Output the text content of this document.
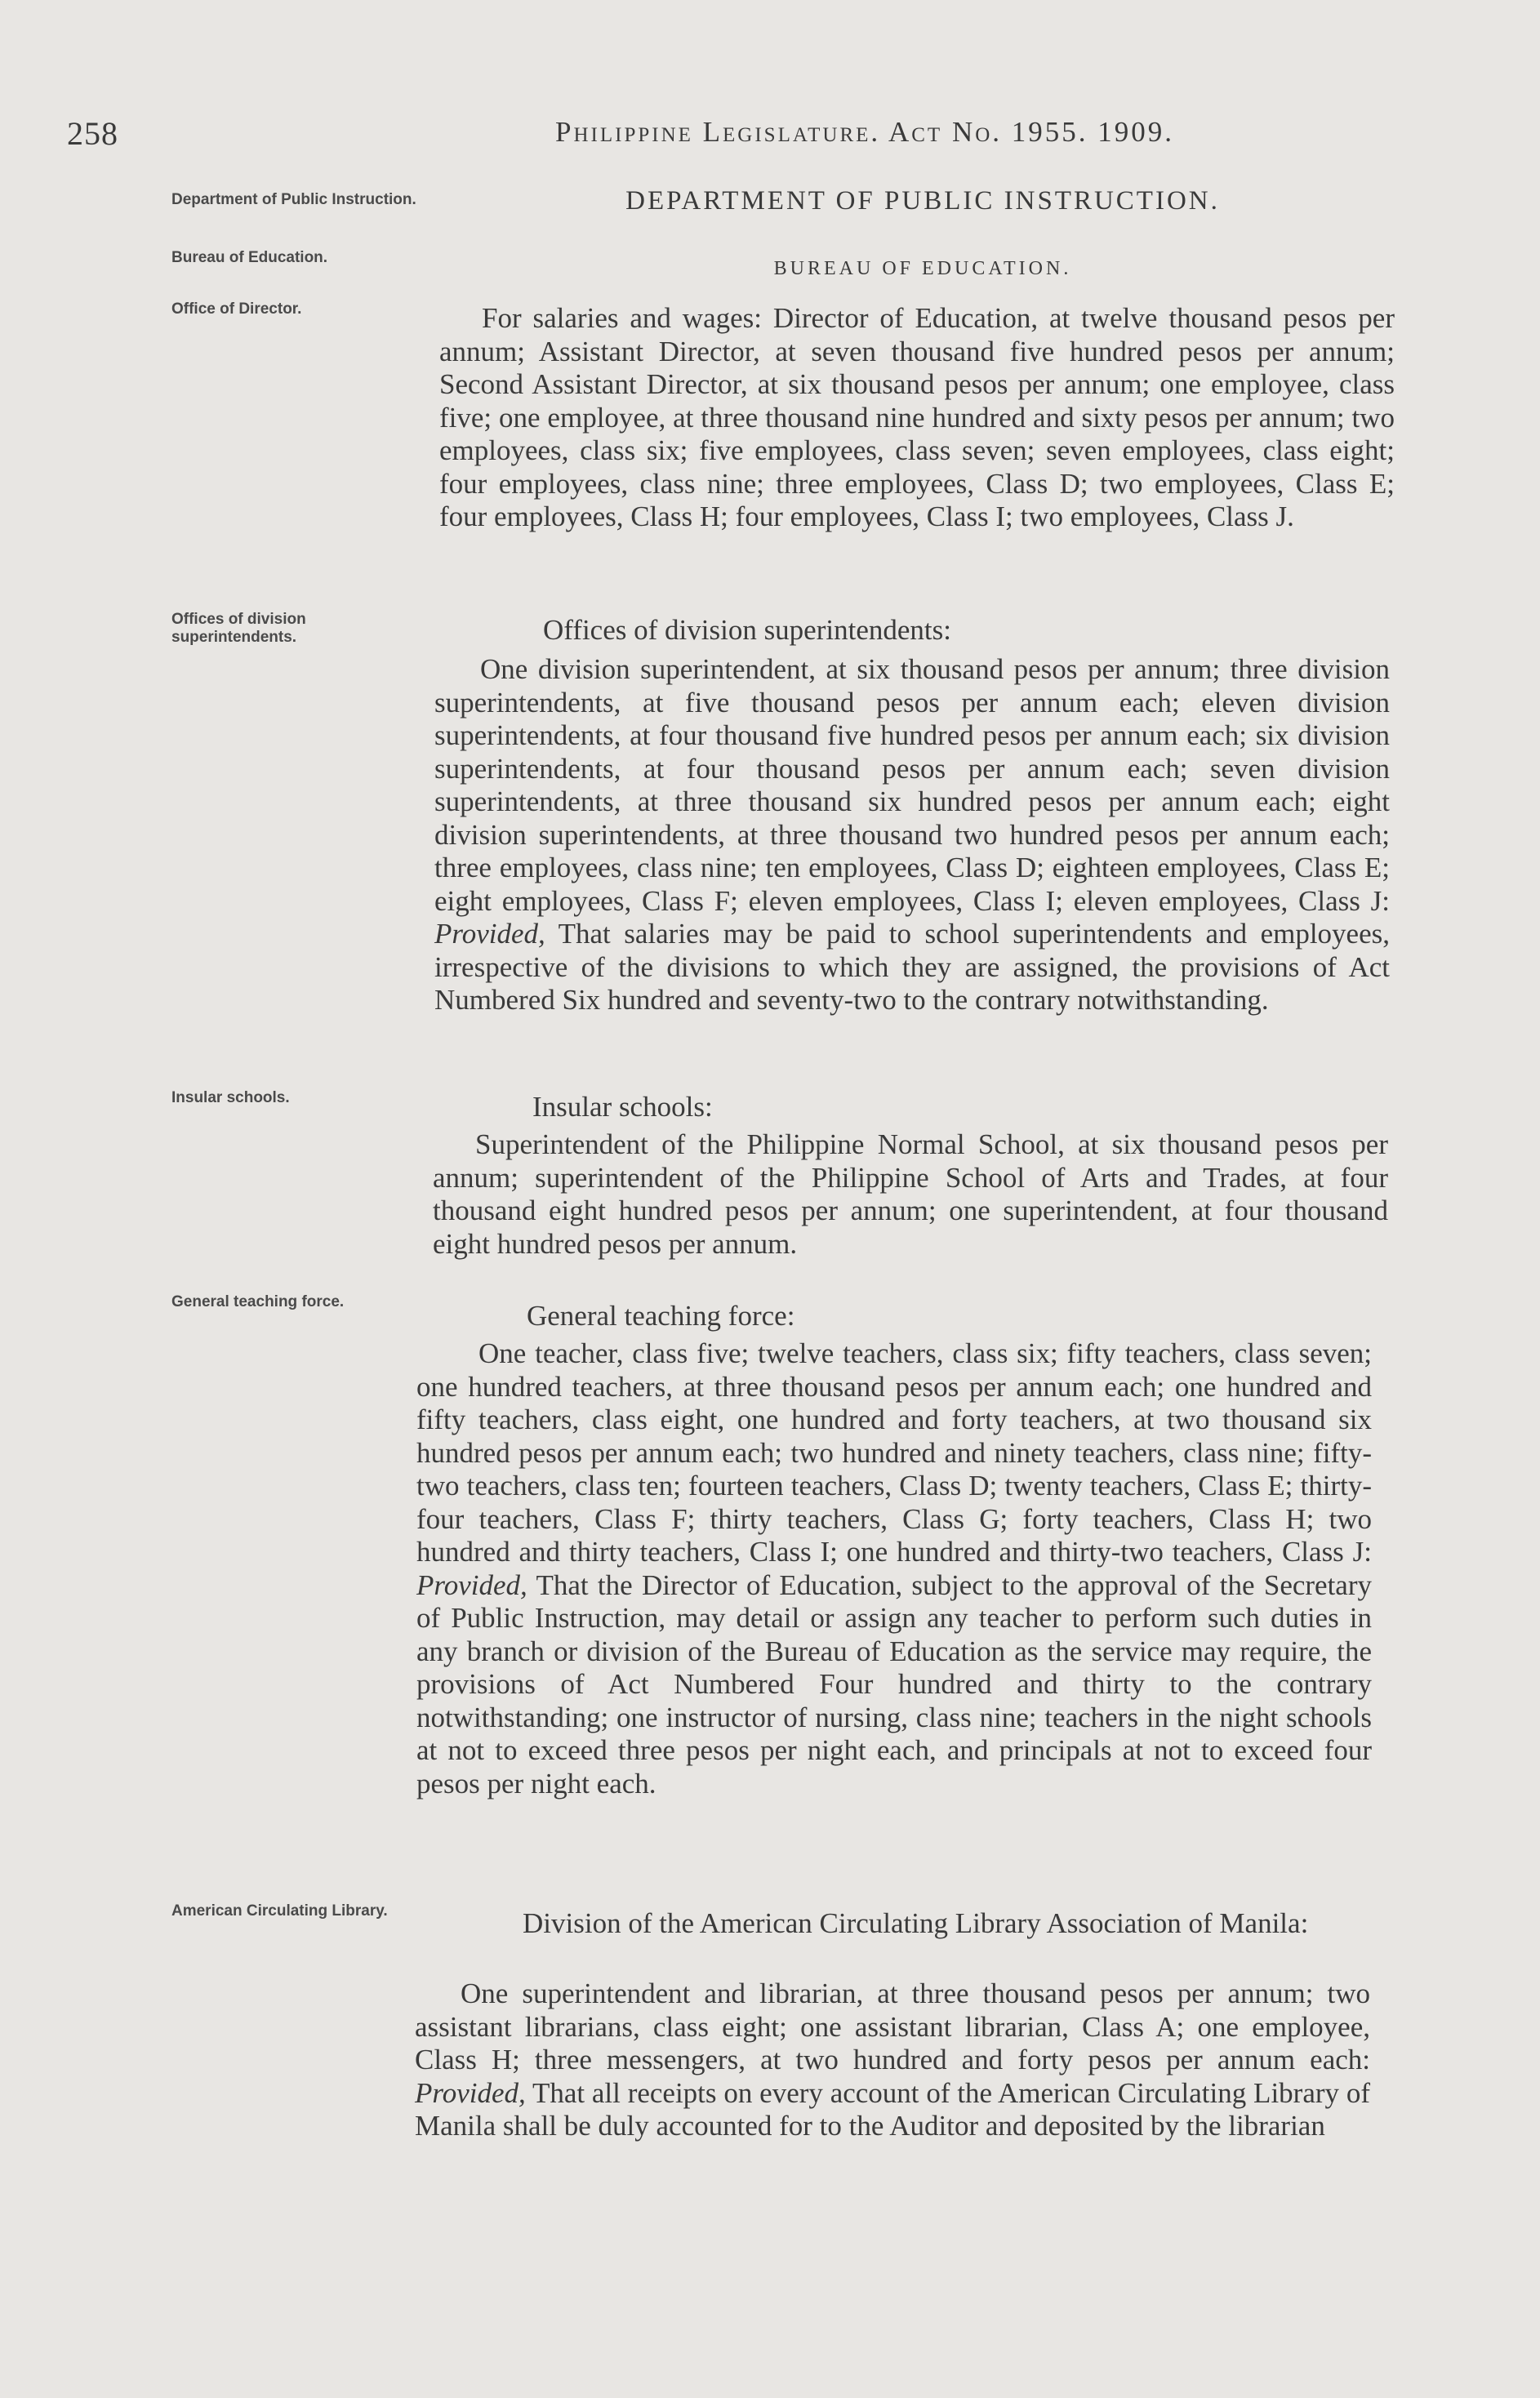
258	Philippine Legislature. Act No. 1955. 1909.
Department of Public Instruction.	DEPARTMENT OF PUBLIC INSTRUCTION.
Bureau of Education.
BUREAU OF EDUCATION.
Office of Director.	For salaries and wages: Director of Education, at twelve thousand pesos per annum; Assistant Director, at seven thousand five hundred pesos per annum; Second Assistant Director, at six thousand pesos per annum; one employee, class five; one employee, at three thousand nine hundred and sixty pesos per annum; two employees, class six; five employees, class seven; seven employees, class eight; four employees, class nine; three employees, Class D; two employees, Class E; four employees, Class H; four employees, Class I; two employees, Class J.

Offices of division superintendents.	Offices of division superintendents:

One division superintendent, at six thousand pesos per annum; three division superintendents, at five thousand pesos per annum each; eleven division superintendents, at four thousand five hundred pesos per annum each; six division superintendents, at four thousand pesos per annum each; seven division superintendents, at three thousand six hundred pesos per annum each; eight division superintendents, at three thousand two hundred pesos per annum each; three employees, class nine; ten employees, Class D; eighteen employees, Class E; eight employees, Class F; eleven employees, Class I; eleven employees, Class J: Provided, That salaries may be paid to school superintendents and employees, irrespective of the divisions to which they are assigned, the provisions of Act Numbered Six hundred and seventy-two to the contrary notwithstanding.

Insular schools.	Insular schools:

Superintendent of the Philippine Normal School, at six thousand pesos per annum; superintendent of the Philippine School of Arts and Trades, at four thousand eight hundred pesos per annum; one superintendent, at four thousand eight hundred pesos per annum.

General teaching force.	General teaching force:

One teacher, class five; twelve teachers, class six; fifty teachers, class seven; one hundred teachers, at three thousand pesos per annum each; one hundred and fifty teachers, class eight, one hundred and forty teachers, at two thousand six hundred pesos per annum each; two hundred and ninety teachers, class nine; fifty-two teachers, class ten; fourteen teachers, Class D; twenty teachers, Class E; thirty-four teachers, Class F; thirty teachers, Class G; forty teachers, Class H; two hundred and thirty teachers, Class I; one hundred and thirty-two teachers, Class J: Provided, That the Director of Education, subject to the approval of the Secretary of Public Instruction, may detail or assign any teacher to perform such duties in any branch or division of the Bureau of Education as the service may require, the provisions of Act Numbered Four hundred and thirty to the contrary notwithstanding; one instructor of nursing, class nine; teachers in the night schools at not to exceed three pesos per night each, and principals at not to exceed four pesos per night each.

American Circulating Library.	Division of the American Circulating Library Association of Manila:

One superintendent and librarian, at three thousand pesos per annum; two assistant librarians, class eight; one assistant librarian, Class A; one employee, Class H; three messengers, at two hundred and forty pesos per annum each: Provided, That all receipts on every account of the American Circulating Library of Manila shall be duly accounted for to the Auditor and deposited by the librarian
